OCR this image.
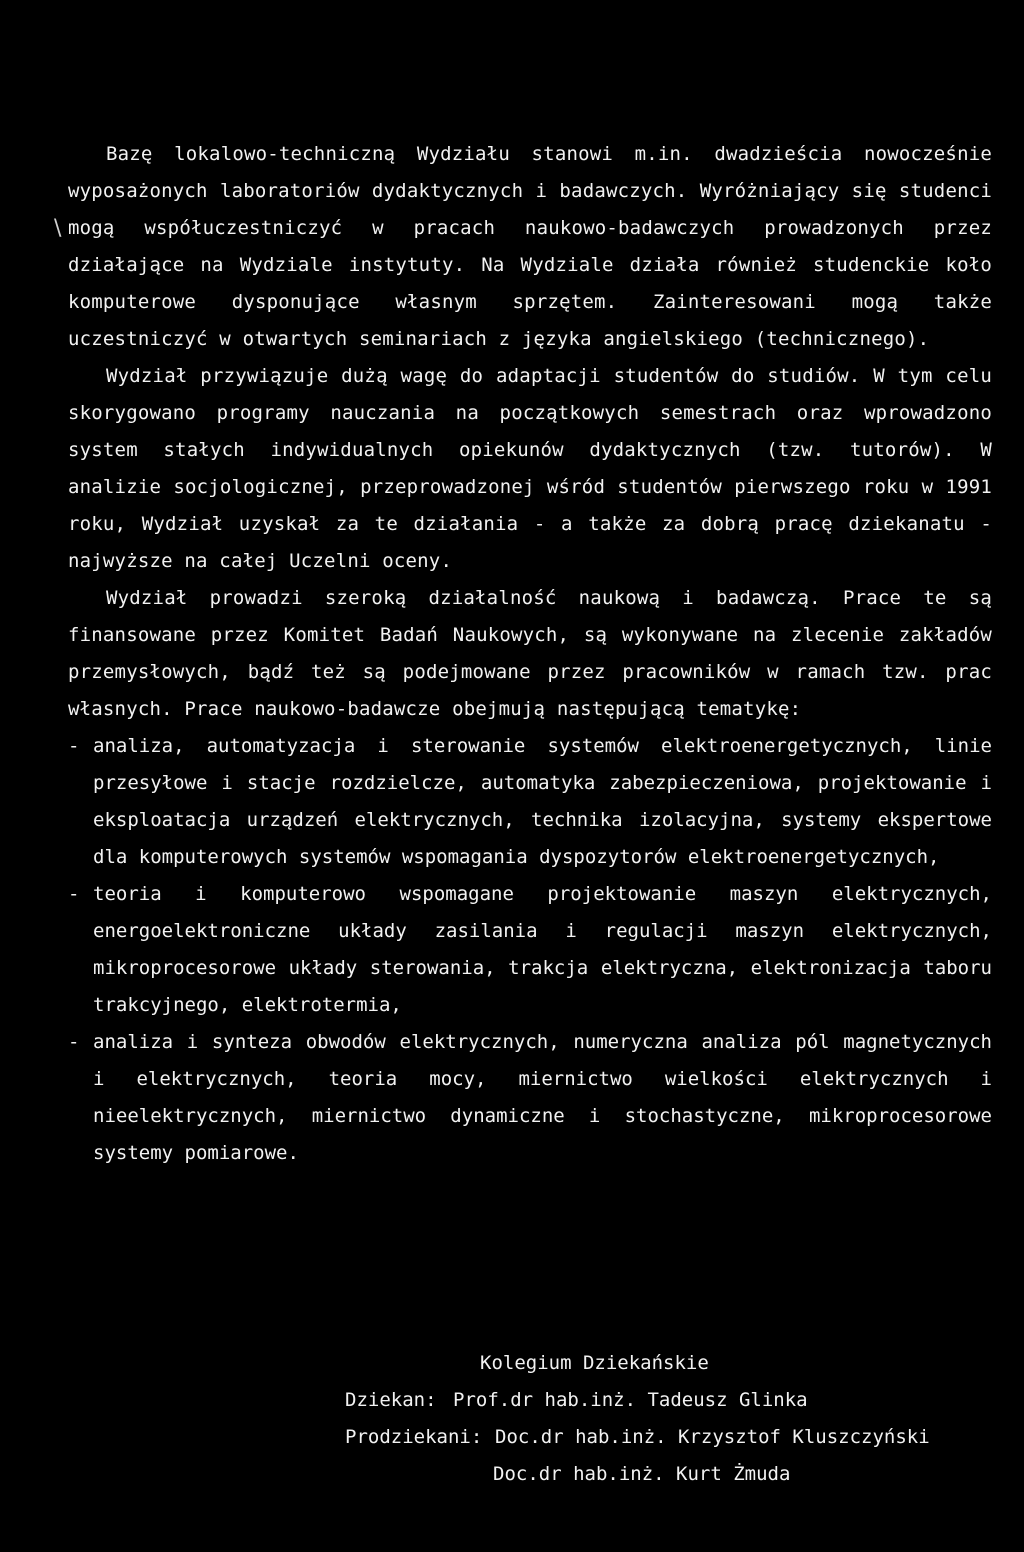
\

Bazę lokalowo-techniczną Wydziału stanowi m.in. dwadzieścia nowocześnie wyposażonych laboratoriów dydaktycznych i badawczych. Wyróżniający się studenci mogą współuczestniczyć w pracach naukowo-badawczych prowadzonych przez działające na Wydziale instytuty. Na Wydziale działa również studenckie koło komputerowe dysponujące własnym sprzętem. Zainteresowani mogą także uczestniczyć w otwartych seminariach z języka angielskiego (technicznego).

Wydział przywiązuje dużą wagę do adaptacji studentów do studiów. W tym celu skorygowano programy nauczania na początkowych semestrach oraz wprowadzono system stałych indywidualnych opiekunów dydaktycznych (tzw. tutorów). W analizie socjologicznej, przeprowadzonej wśród studentów pierwszego roku w 1991 roku, Wydział uzyskał za te działania - a także za dobrą pracę dziekanatu - najwyższe na całej Uczelni oceny.

Wydział prowadzi szeroką działalność naukową i badawczą. Prace te są finansowane przez Komitet Badań Naukowych, są wykonywane na zlecenie zakładów przemysłowych, bądź też są podejmowane przez pracowników w ramach tzw. prac własnych. Prace naukowo-badawcze obejmują następującą tematykę:

- analiza, automatyzacja i sterowanie systemów elektroenergetycznych, linie przesyłowe i stacje rozdzielcze, automatyka zabezpieczeniowa, projektowanie i eksploatacja urządzeń elektrycznych, technika izolacyjna, systemy ekspertowe dla komputerowych systemów wspomagania dyspozytorów elektroenergetycznych,
- teoria i komputerowo wspomagane projektowanie maszyn elektrycznych, energoelektroniczne układy zasilania i regulacji maszyn elektrycznych, mikroprocesorowe układy sterowania, trakcja elektryczna, elektronizacja taboru trakcyjnego, elektrotermia,
- analiza i synteza obwodów elektrycznych, numeryczna analiza pól magnetycznych i elektrycznych, teoria mocy, miernictwo wielkości elektrycznych i nieelektrycznych, miernictwo dynamiczne i stochastyczne, mikroprocesorowe systemy pomiarowe.
Kolegium Dziekańskie
Dziekan: Prof.dr hab.inż. Tadeusz Glinka
Prodziekani: Doc.dr hab.inż. Krzysztof Kluszczyński
Doc.dr hab.inż. Kurt Żmuda
